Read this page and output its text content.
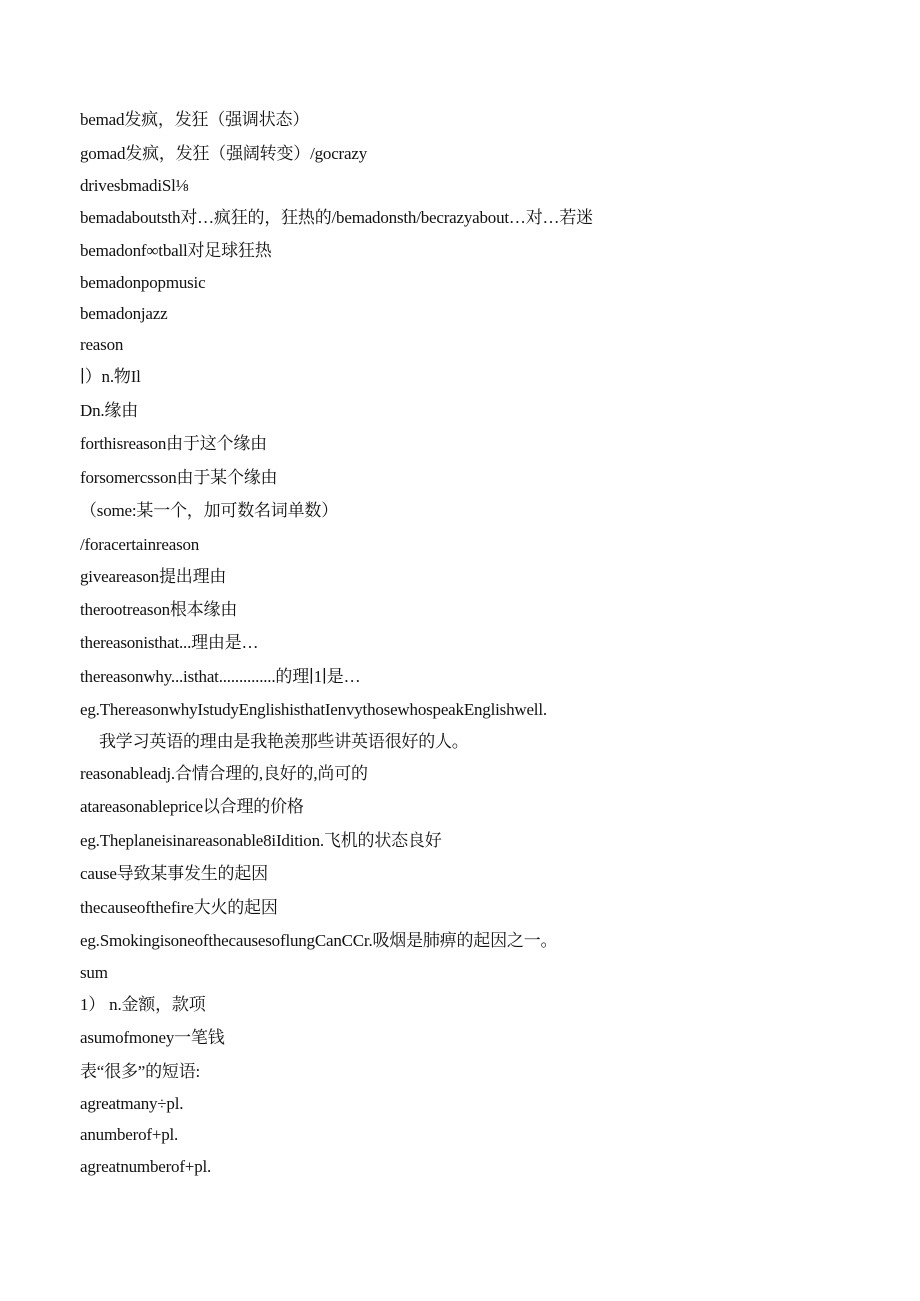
bemad发疯，发狂（强调状态）
gomad发疯，发狂（强阔转变）/gocrazy
drivesbmadiSl⅛
bemadaboutsth对…疯狂的，狂热的/bemadonsth/becrazyabout…对…若迷
bemadonf∞tball对足球狂热
bemadonpopmusic
bemadonjazz
reason
∣）n.物Il
Dn.缘由
forthisreason由于这个缘由
forsomercsson由于某个缘由
（some:某一个，加可数名词单数）
/foracertainreason
giveareason提出理由
therootreason根本缘由
thereasonisthat...理由是…
thereasonwhy...isthat..............的理∣1∣是…
eg.ThereasonwhyIstudyEnglishisthatIenvythosewhospeakEnglishwell.
我学习英语的理由是我艳羡那些讲英语很好的人。
reasonableadj.合情合理的,良好的,尚可的
atareasonableprice以合理的价格
eg.Theplaneisinareasonable8iIdition.飞机的状态良好
cause导致某事发生的起因
thecauseofthefire大火的起因
eg.SmokingisoneofthecausesoflungCanCCr.吸烟是肺痹的起因之一。
sum
1） n.金额，款项
asumofmoney一笔钱
表“很多”的短语:
agreatmany÷pl.
anumberof+pl.
agreatnumberof+pl.
